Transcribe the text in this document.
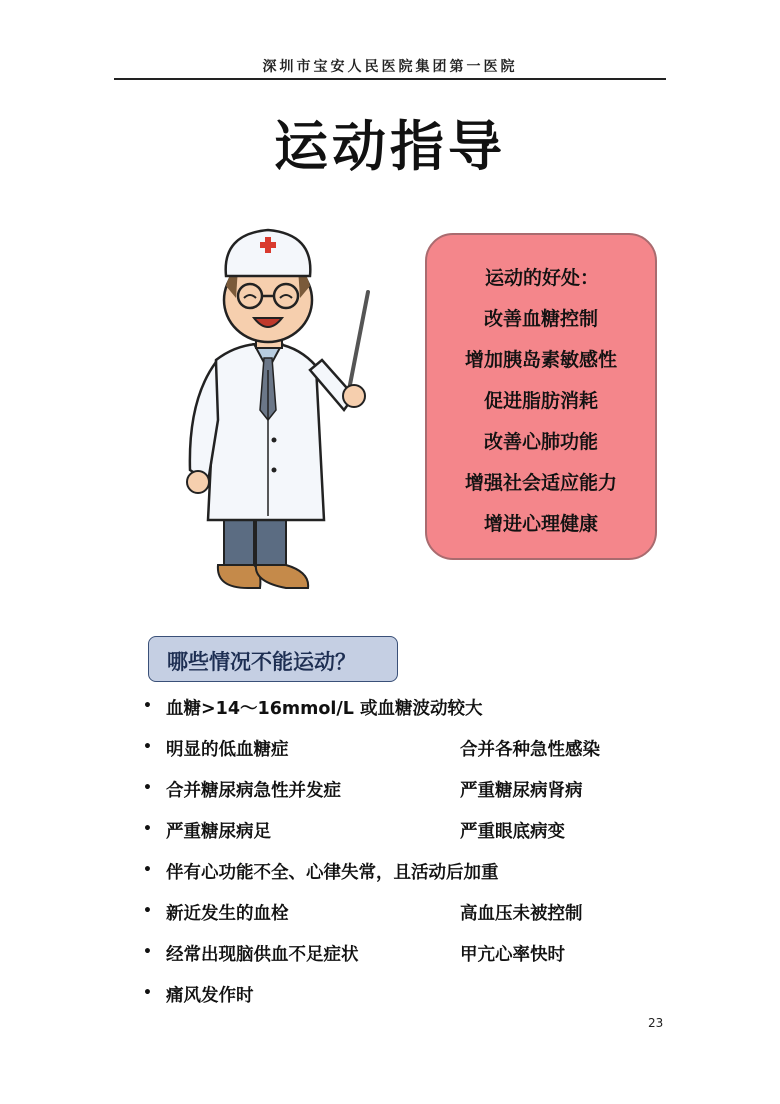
深圳市宝安人民医院集团第一医院
运动指导
运动的好处：
改善血糖控制
增加胰岛素敏感性
促进脂肪消耗
改善心肺功能
增强社会适应能力
增进心理健康
哪些情况不能运动？
• 血糖>14～16mmol/L 或血糖波动较大
• 明显的低血糖症	合并各种急性感染
• 合并糖尿病急性并发症	严重糖尿病肾病
• 严重糖尿病足	严重眼底病变
• 伴有心功能不全、心律失常，且活动后加重
• 新近发生的血栓	高血压未被控制
• 经常出现脑供血不足症状	甲亢心率快时
• 痛风发作时
23
